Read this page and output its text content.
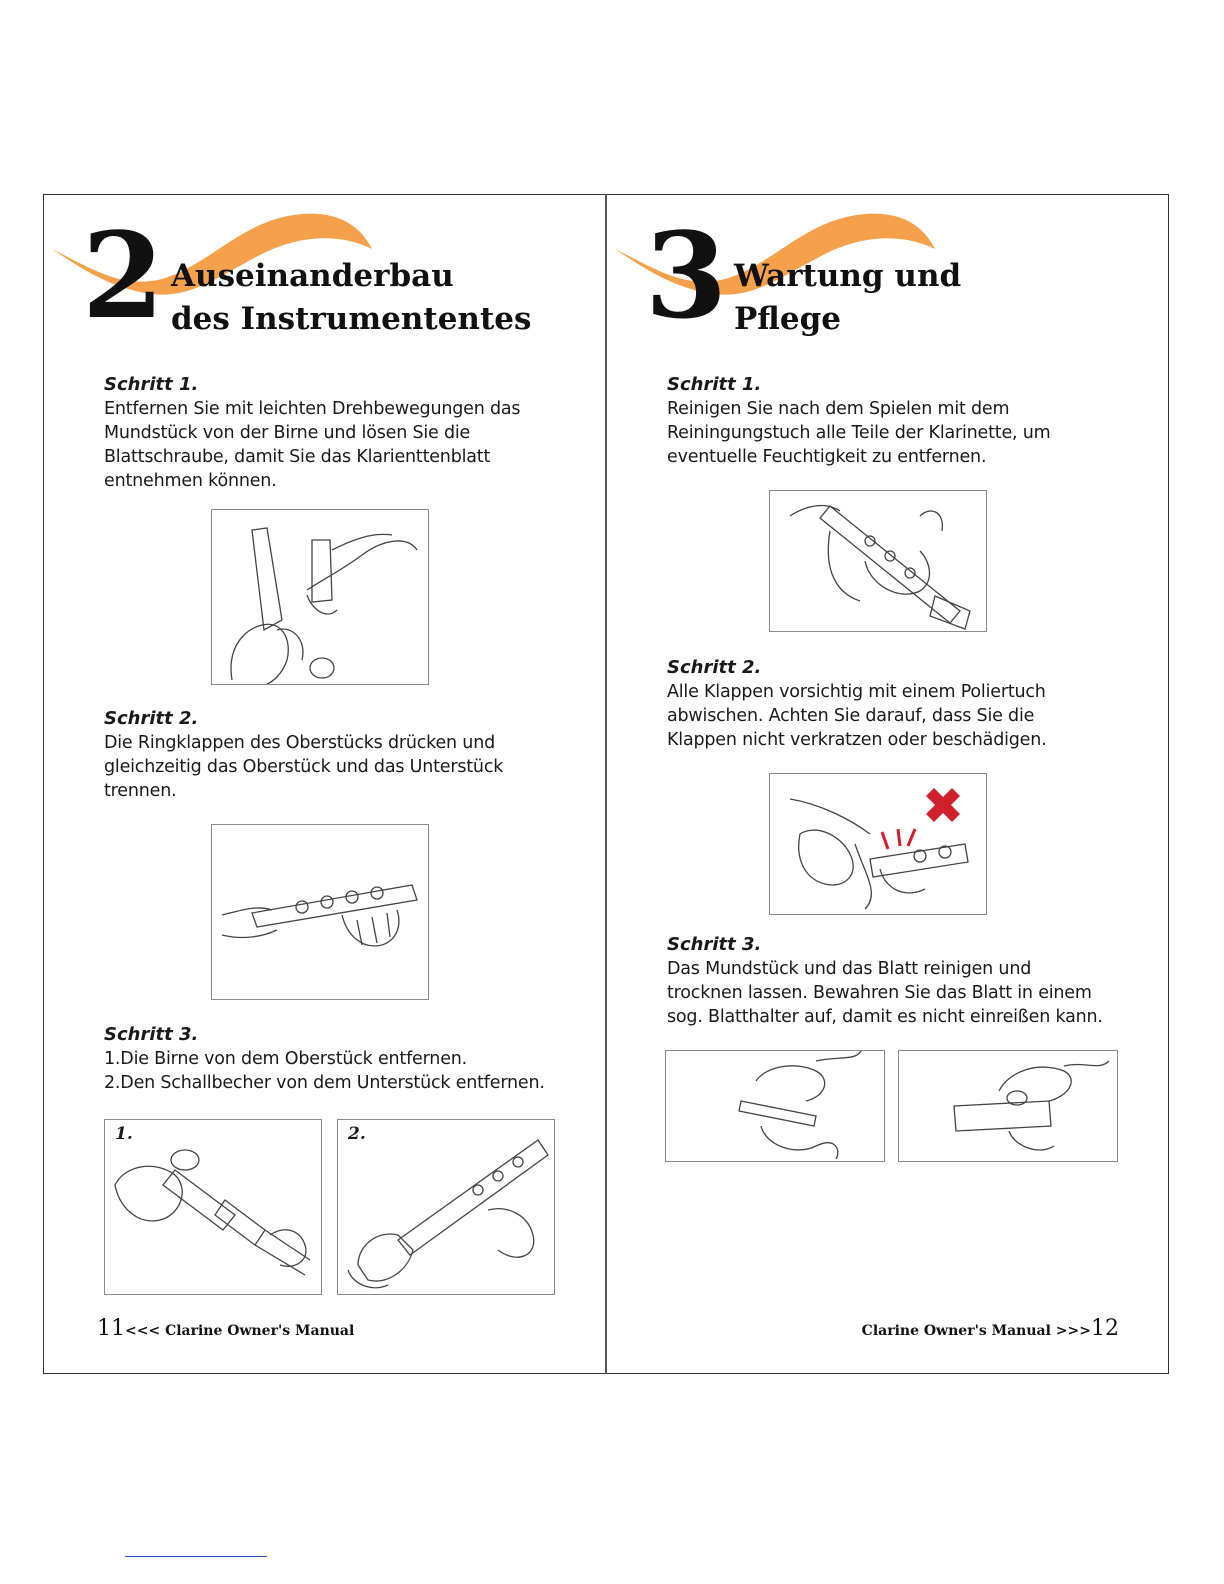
2 Auseinanderbau
des Instrumententes
Schritt 1.
Entfernen Sie mit leichten Drehbewegungen das
Mundstück von der Birne und lösen Sie die
Blattschraube, damit Sie das Klarienttenblatt
entnehmen können.
Schritt 2.
Die Ringklappen des Oberstücks drücken und
gleichzeitig das Oberstück und das Unterstück
trennen.
Schritt 3.
1.Die Birne von dem Oberstück entfernen.
2.Den Schallbecher von dem Unterstück entfernen.
1.	2.
11<<< Clarine Owner's Manual
3 Wartung und
Pflege
Schritt 1.
Reinigen Sie nach dem Spielen mit dem
Reiningungstuch alle Teile der Klarinette, um
eventuelle Feuchtigkeit zu entfernen.
Schritt 2.
Alle Klappen vorsichtig mit einem Poliertuch
abwischen. Achten Sie darauf, dass Sie die
Klappen nicht verkratzen oder beschädigen.
Schritt 3.
Das Mundstück und das Blatt reinigen und
trocknen lassen. Bewahren Sie das Blatt in einem
sog. Blatthalter auf, damit es nicht einreißen kann.
Clarine Owner's Manual >>>12
